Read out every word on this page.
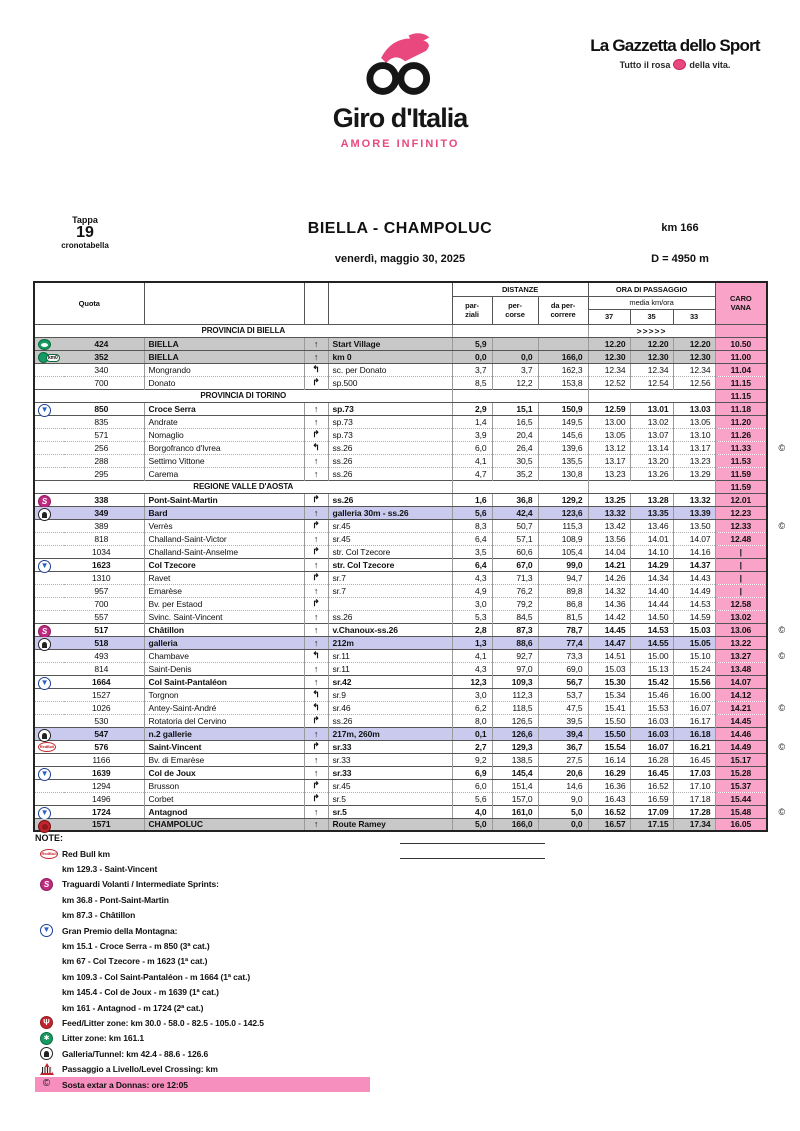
Giro d'Italia
AMORE INFINITO
La Gazzetta dello Sport
Tutto il rosa della vita.
Tappa
19
cronotabella
BIELLA - CHAMPOLUC	km 166
venerdì, maggio 30, 2025	D = 4950 m
Quota				DISTANZE			ORA DI PASSAGGIO			CARO
VANA
				par-
ziali	per-
corse	da per-
correre	media km/ora			
							37	35	33	
PROVINCIA DI BIELLA							>>>>>			

424	BIELLA	↑	Start Village	5,9			12.20	12.20	12.20	10.50

km0
352	BIELLA	↑	km 0	0,0	0,0	166,0	12.30	12.30	12.30	11.00

340	Mongrando	↰	sc. per Donato	3,7	3,7	162,3	12.34	12.34	12.34	11.04

700	Donato	↱	sp.500	8,5	12,2	153,8	12.52	12.54	12.56	11.15
PROVINCIA DI TORINO										11.15

▼
850	Croce Serra	↑	sp.73	2,9	15,1	150,9	12.59	13.01	13.03	11.18

835	Andrate	↑	sp.73	1,4	16,5	149,5	13.00	13.02	13.05	11.20

571	Nomaglio	↱	sp.73	3,9	20,4	145,6	13.05	13.07	13.10	11.26

256	Borgofranco d'Ivrea	↰	ss.26	6,0	26,4	139,6	13.12	13.14	13.17	11.33 ©

288	Settimo Vittone	↑	ss.26	4,1	30,5	135,5	13.17	13.20	13.23	11.53

295	Carema	↑	ss.26	4,7	35,2	130,8	13.23	13.26	13.29	11.59
REGIONE VALLE D'AOSTA										11.59

S
338	Pont-Saint-Martin	↱	ss.26	1,6	36,8	129,2	13.25	13.28	13.32	12.01

349	Bard	↑	galleria 30m - ss.26	5,6	42,4	123,6	13.32	13.35	13.39	12.23

389	Verrès	↱	sr.45	8,3	50,7	115,3	13.42	13.46	13.50	12.33 ©

818	Challand-Saint-Victor	↑	sr.45	6,4	57,1	108,9	13.56	14.01	14.07	12.48

1034	Challand-Saint-Anselme	↱	str. Col Tzecore	3,5	60,6	105,4	14.04	14.10	14.16	|

▼
1623	Col Tzecore	↑	str. Col Tzecore	6,4	67,0	99,0	14.21	14.29	14.37	|

1310	Ravet	↱	sr.7	4,3	71,3	94,7	14.26	14.34	14.43	|

957	Emarèse	↑	sr.7	4,9	76,2	89,8	14.32	14.40	14.49	|

700	Bv. per Estaod	↱		3,0	79,2	86,8	14.36	14.44	14.53	12.58

557	Svinc. Saint-Vincent	↑	ss.26	5,3	84,5	81,5	14.42	14.50	14.59	13.02

S
517	Châtillon	↑	v.Chanoux-ss.26	2,8	87,3	78,7	14.45	14.53	15.03	13.06 ©

518	galleria	↑	212m	1,3	88,6	77,4	14.47	14.55	15.05	13.22

493	Chambave	↰	sr.11	4,1	92,7	73,3	14.51	15.00	15.10	13.27 ©

814	Saint-Denis	↑	sr.11	4,3	97,0	69,0	15.03	15.13	15.24	13.48

▼
1664	Col Saint-Pantaléon	↑	sr.42	12,3	109,3	56,7	15.30	15.42	15.56	14.07

1527	Torgnon	↰	sr.9	3,0	112,3	53,7	15.34	15.46	16.00	14.12

1026	Antey-Saint-André	↰	sr.46	6,2	118,5	47,5	15.41	15.53	16.07	14.21 ©

530	Rotatoria del Cervino	↱	ss.26	8,0	126,5	39,5	15.50	16.03	16.17	14.45

547	n.2 gallerie	↑	217m, 260m	0,1	126,6	39,4	15.50	16.03	16.18	14.46

RedBull
576	Saint-Vincent	↱	sr.33	2,7	129,3	36,7	15.54	16.07	16.21	14.49 ©

1166	Bv. di Emarèse	↑	sr.33	9,2	138,5	27,5	16.14	16.28	16.45	15.17

▼
1639	Col de Joux	↑	sr.33	6,9	145,4	20,6	16.29	16.45	17.03	15.28

1294	Brusson	↱	sr.45	6,0	151,4	14,6	16.36	16.52	17.10	15.37

1496	Corbet	↱	sr.5	5,6	157,0	9,0	16.43	16.59	17.18	15.44

▼
1724	Antagnod	↑	sr.5	4,0	161,0	5,0	16.52	17.09	17.28	15.48 ©

1571	CHAMPOLUC	↑	Route Ramey	5,0	166,0	0,0	16.57	17.15	17.34	16.05
NOTE:
RedBull
Red Bull km
km 129.3 - Saint-Vincent
S
Traguardi Volanti / Intermediate Sprints:
km 36.8 - Pont-Saint-Martin
km 87.3 - Châtillon
▼
Gran Premio della Montagna:
km 15.1 - Croce Serra - m 850 (3ª cat.)
km 67 - Col Tzecore - m 1623 (1ª cat.)
km 109.3 - Col Saint-Pantaléon - m 1664 (1ª cat.)
km 145.4 - Col de Joux - m 1639 (1ª cat.)
km 161 - Antagnod - m 1724 (2ª cat.)
Ψ
Feed/Litter zone: km 30.0 - 58.0 - 82.5 - 105.0 - 142.5
✱
Litter zone: km 161.1
Galleria/Tunnel: km 42.4 - 88.6 - 126.6
Passaggio a Livello/Level Crossing: km
©
Sosta extar a Donnas: ore 12:05
